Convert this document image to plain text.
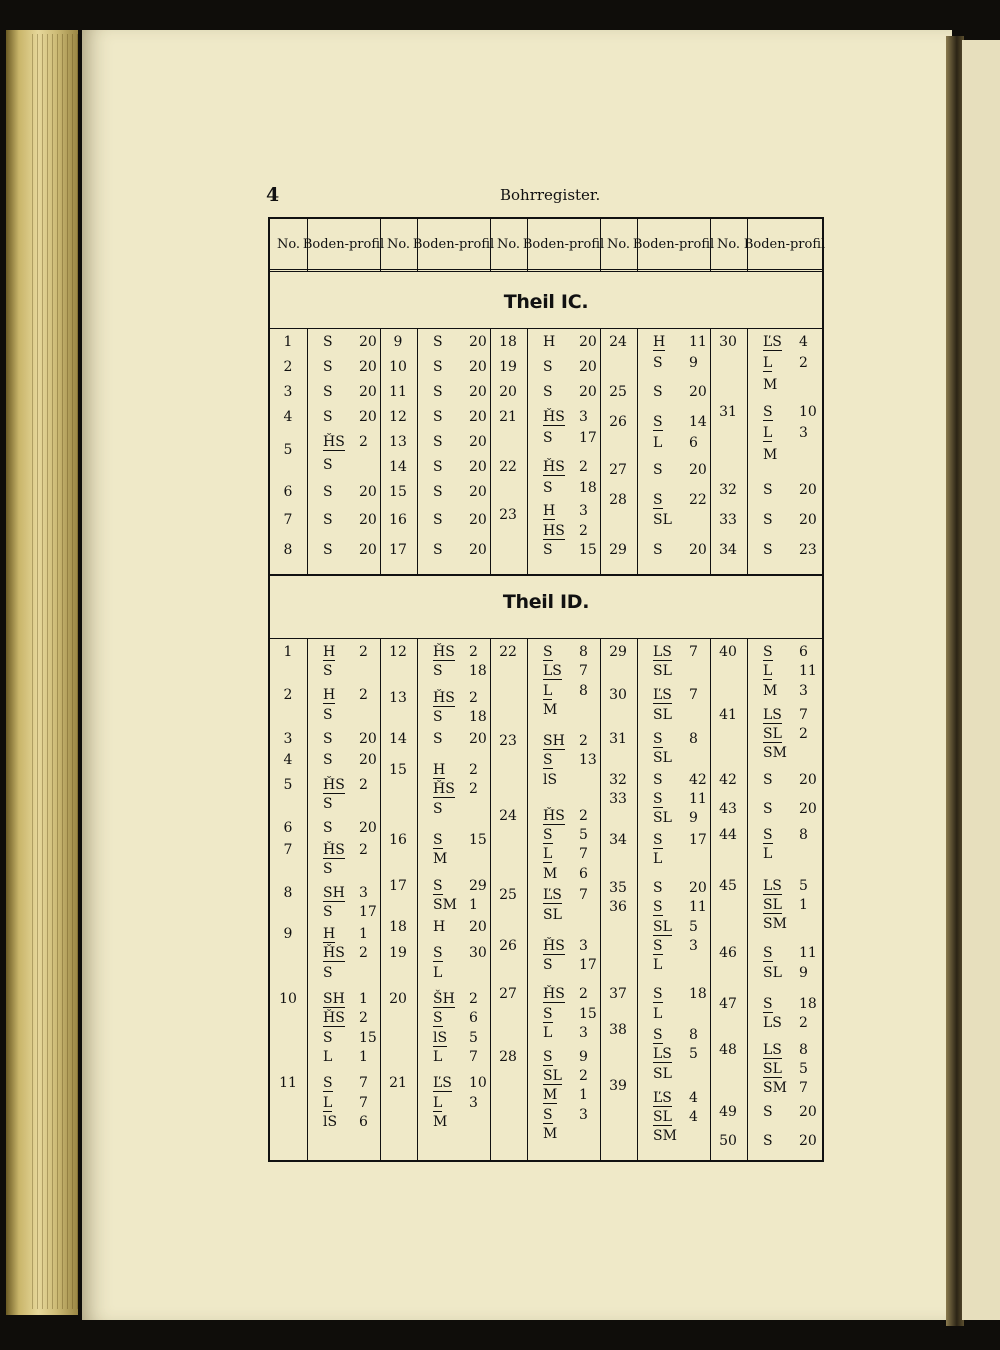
4	Bohrregister.
No. Boden- profil No. Boden- profil No. Boden- profil No. Boden- profil No. Boden- profil
Theil IC.
1
2
3
4
5
6
7
8
S 20
S 20
S 20
S 20
ȞS 2
S
S 20
S 20
S 20
9
10
11
12
13
14
15
16
17
S 20
S 20
S 20
S 20
S 20
S 20
S 20
S 20
S 20
18
19
20
21
22
23
H 20
S 20
S 20
ȞS 3
S 17
ȞS 2
S 18
H 3
HS 2
S 15
24
25
26
27
28
29
H 11
S 9
S 20
S 14
L 6
S 20
S 22
SL
S 20
30
31
32
33
34
ĽS 4
L 2
M
S 10
L 3
M
S 20
S 20
S 23
Theil ID.
1
2
3
4
5
6
7
8
9
10
11
H 2
S
H 2
S
S 20
S 20
ȞS 2
S
S 20
ȞS 2
S
SH 3
S 17
H 1
ȞS 2
S
SH 1
ȞS 2
S 15
L 1
S 7
L 7
lS 6
12
13
14
15
16
17
18
19
20
21
ȞS 2
S 18
ȞS 2
S 18
S 20
H 2
ȞS 2
S
S 15
M
S 29
SM 1
H 20
S 30
L
ŠH 2
S 6
lS 5
L 7
ĽS 10
L 3
M
22
23
24
25
26
27
28
S 8
LS 7
L 8
M
SH 2
S 13
lS
ȞS 2
S 5
L 7
M 6
ĽS 7
SL
ȞS 3
S 17
ȞS 2
S 15
L 3
S 9
SL 2
M 1
S 3
M
29
30
31
32
33
34
35
36
37
38
39
LS 7
SL
ĽS 7
SL
S 8
SL
S 42
S 11
SL 9
S 17
L
S 20
S 11
SL 5
S 3
L
S 18
L
S 8
LS 5
SL
ĽS 4
SL 4
SM
40
41
42
43
44
45
46
47
48
49
50
S 6
L 11
M 3
LS 7
SL 2
SM
S 20
S 20
S 8
L
LS 5
SL 1
SM
S 11
SL 9
S 18
LS 2
LS 8
SL 5
SM 7
S 20
S 20
